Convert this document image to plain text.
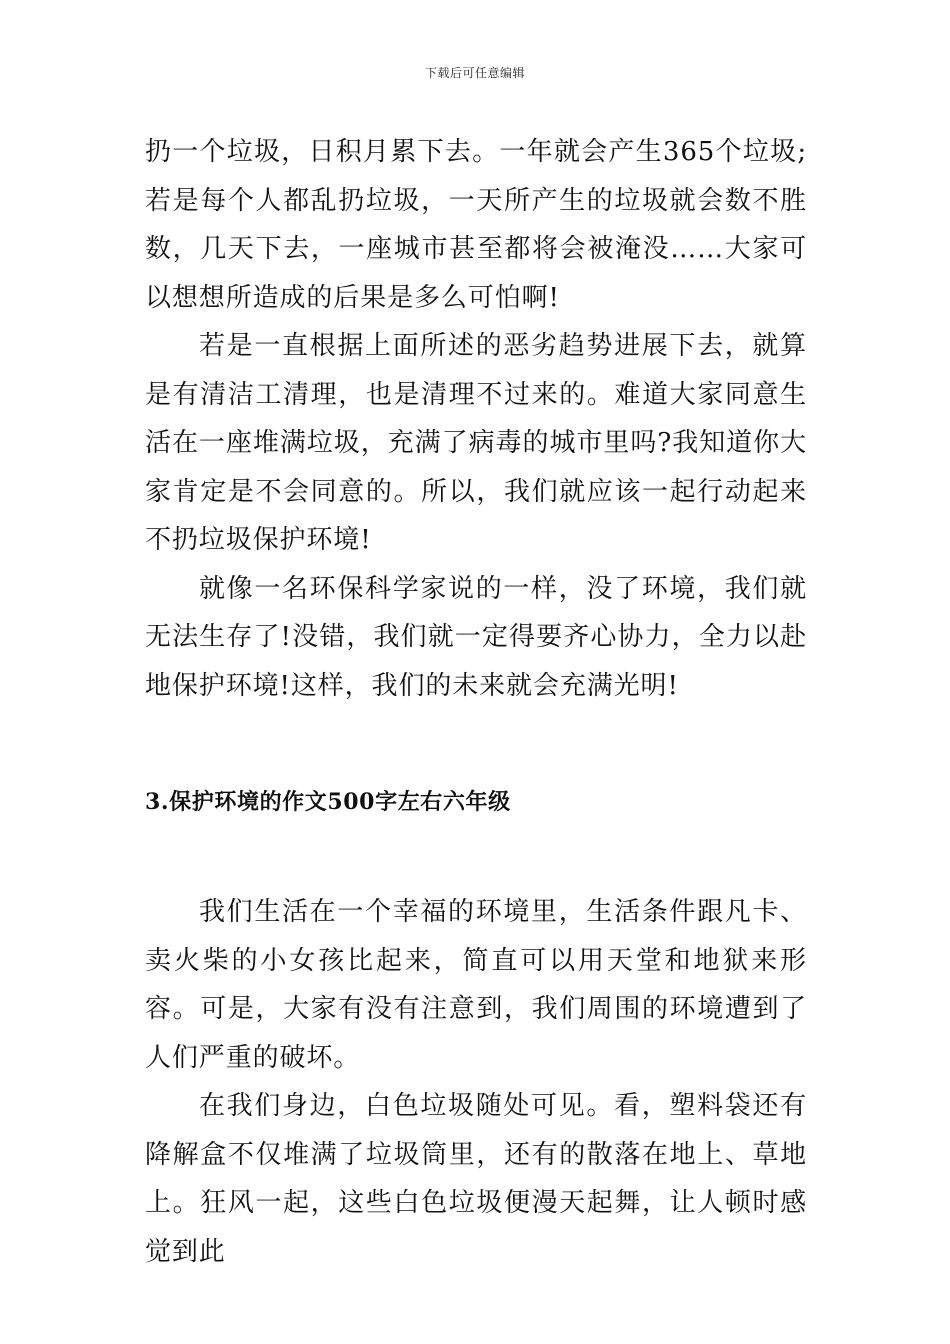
下载后可任意编辑

扔一个垃圾，日积月累下去。一年就会产生365个垃圾;若是每个人都乱扔垃圾，一天所产生的垃圾就会数不胜数，几天下去，一座城市甚至都将会被淹没……大家可以想想所造成的后果是多么可怕啊!

若是一直根据上面所述的恶劣趋势进展下去，就算是有清洁工清理，也是清理不过来的。难道大家同意生活在一座堆满垃圾，充满了病毒的城市里吗?我知道你大家肯定是不会同意的。所以，我们就应该一起行动起来不扔垃圾保护环境!

就像一名环保科学家说的一样，没了环境，我们就无法生存了!没错，我们就一定得要齐心协力，全力以赴地保护环境!这样，我们的未来就会充满光明!

3.保护环境的作文500字左右六年级

我们生活在一个幸福的环境里，生活条件跟凡卡、卖火柴的小女孩比起来，简直可以用天堂和地狱来形容。可是，大家有没有注意到，我们周围的环境遭到了人们严重的破坏。

在我们身边，白色垃圾随处可见。看，塑料袋还有降解盒不仅堆满了垃圾筒里，还有的散落在地上、草地上。狂风一起，这些白色垃圾便漫天起舞，让人顿时感觉到此
